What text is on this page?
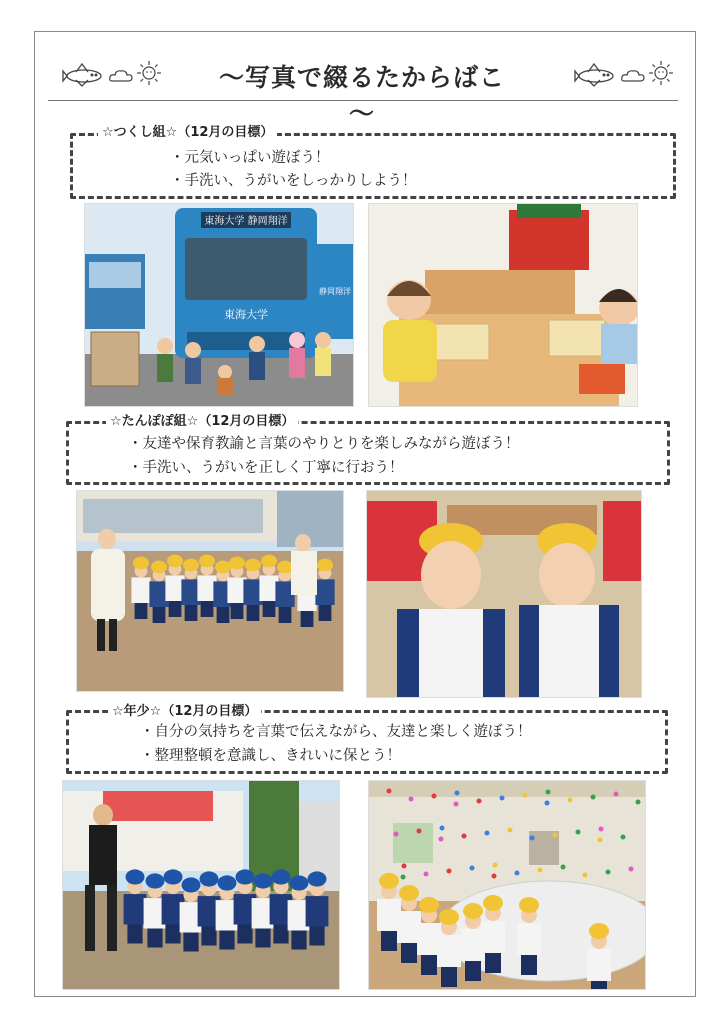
～写真で綴るたからばこ～
☆つくし組☆（12月の目標）
・元気いっぱい遊ぼう！
・手洗い、うがいをしっかりしよう！
東海大学 静岡翔洋
東海大学
静岡翔洋
☆たんぽぽ組☆（12月の目標）
・友達や保育教諭と言葉のやりとりを楽しみながら遊ぼう！
・手洗い、うがいを正しく丁寧に行おう！
☆年少☆（12月の目標）
・自分の気持ちを言葉で伝えながら、友達と楽しく遊ぼう！
・整理整頓を意識し、きれいに保とう！
